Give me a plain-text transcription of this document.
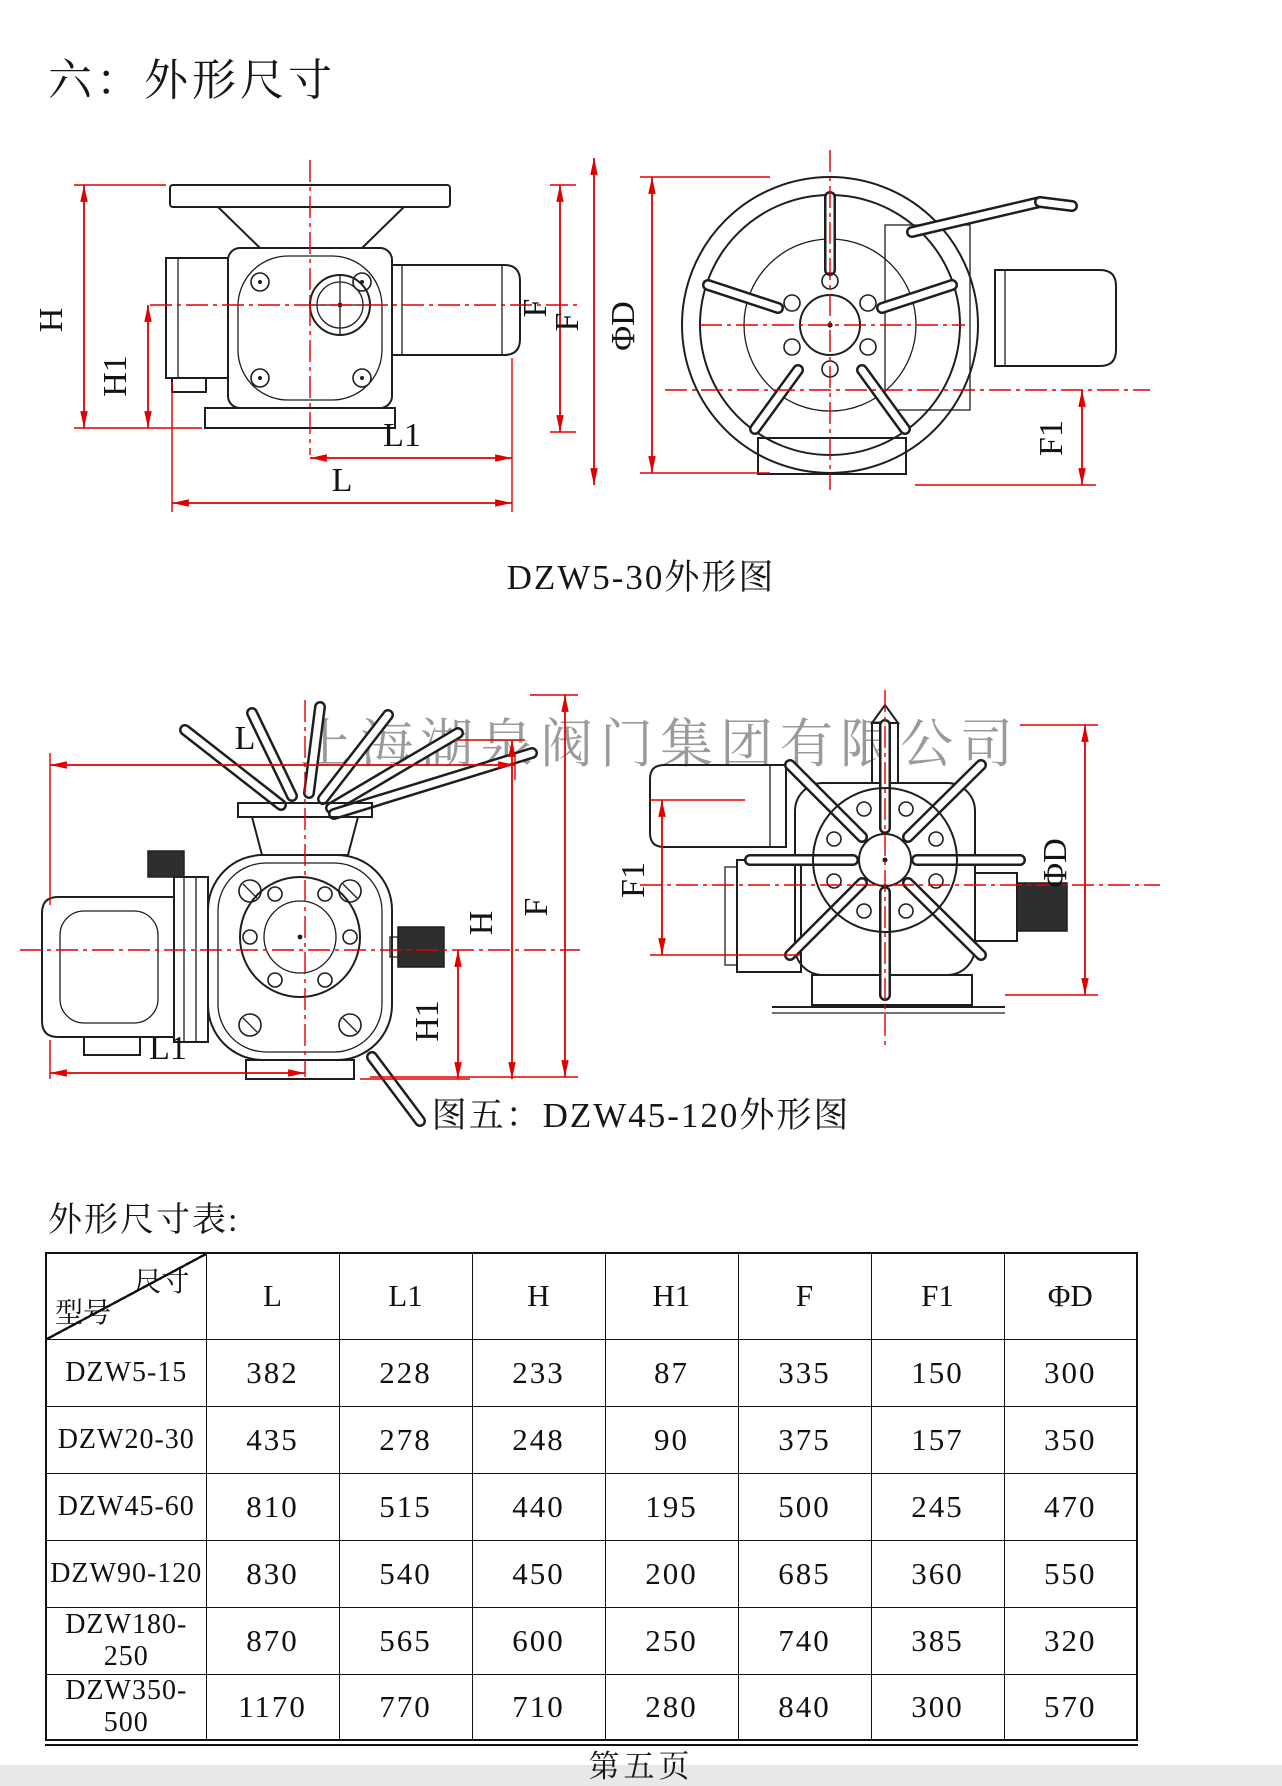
六：外形尺寸
H
H1
L1
L
F
F ΦD
F1
DZW5-30外形图
上海湖泉阀门集团有限公司
L
L1
H1
H
F
F1	ΦD
图五：DZW45-120外形图
外形尺寸表:
尺寸
型号	L	L1	H	H1	F	F1	ΦD
DZW5-15	382	228	233	87	335	150	300
DZW20-30	435	278	248	90	375	157	350
DZW45-60	810	515	440	195	500	245	470
DZW90-120	830	540	450	200	685	360	550
DZW180-250	870	565	600	250	740	385	320
DZW350-500	1170	770	710	280	840	300	570
第五页
